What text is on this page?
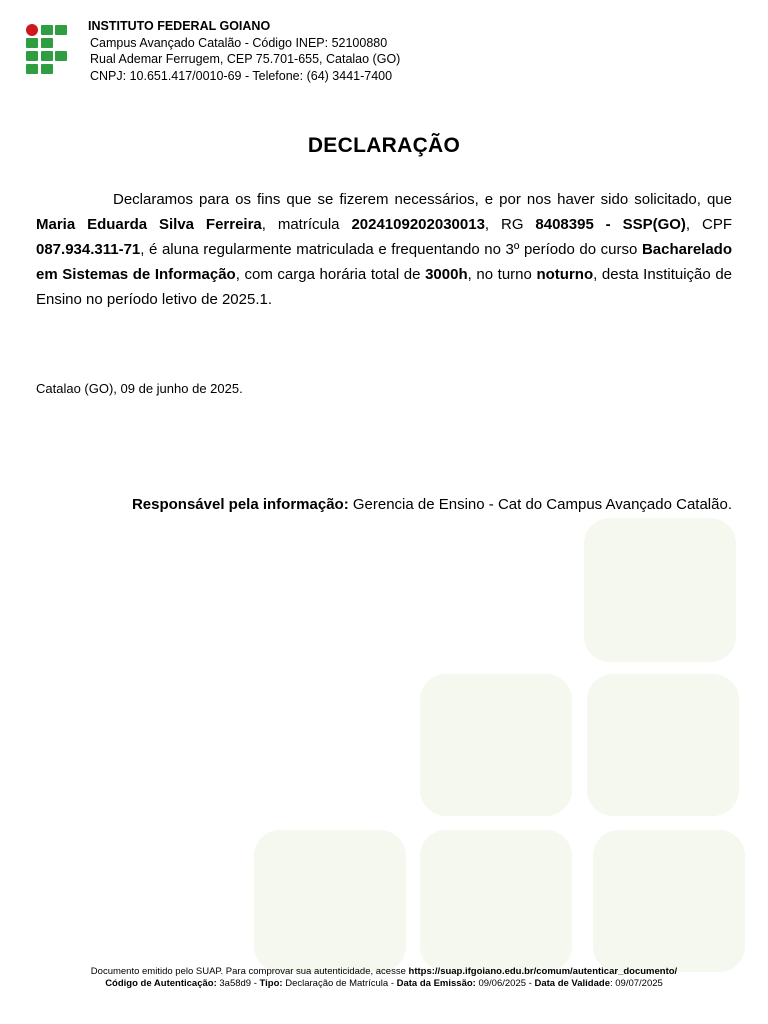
INSTITUTO FEDERAL GOIANO
Campus Avançado Catalão - Código INEP: 52100880
Rual Ademar Ferrugem, CEP 75.701-655, Catalao (GO)
CNPJ: 10.651.417/0010-69 - Telefone: (64) 3441-7400
DECLARAÇÃO
Declaramos para os fins que se fizerem necessários, e por nos haver sido solicitado, que Maria Eduarda Silva Ferreira, matrícula 2024109202030013, RG 8408395 - SSP(GO), CPF 087.934.311-71, é aluna regularmente matriculada e frequentando no 3º período do curso Bacharelado em Sistemas de Informação, com carga horária total de 3000h, no turno noturno, desta Instituição de Ensino no período letivo de 2025.1.
Catalao (GO), 09 de junho de 2025.
Responsável pela informação: Gerencia de Ensino - Cat do Campus Avançado Catalão.
Documento emitido pelo SUAP. Para comprovar sua autenticidade, acesse https://suap.ifgoiano.edu.br/comum/autenticar_documento/
Código de Autenticação: 3a58d9 - Tipo: Declaração de Matrícula - Data da Emissão: 09/06/2025 - Data de Validade: 09/07/2025
